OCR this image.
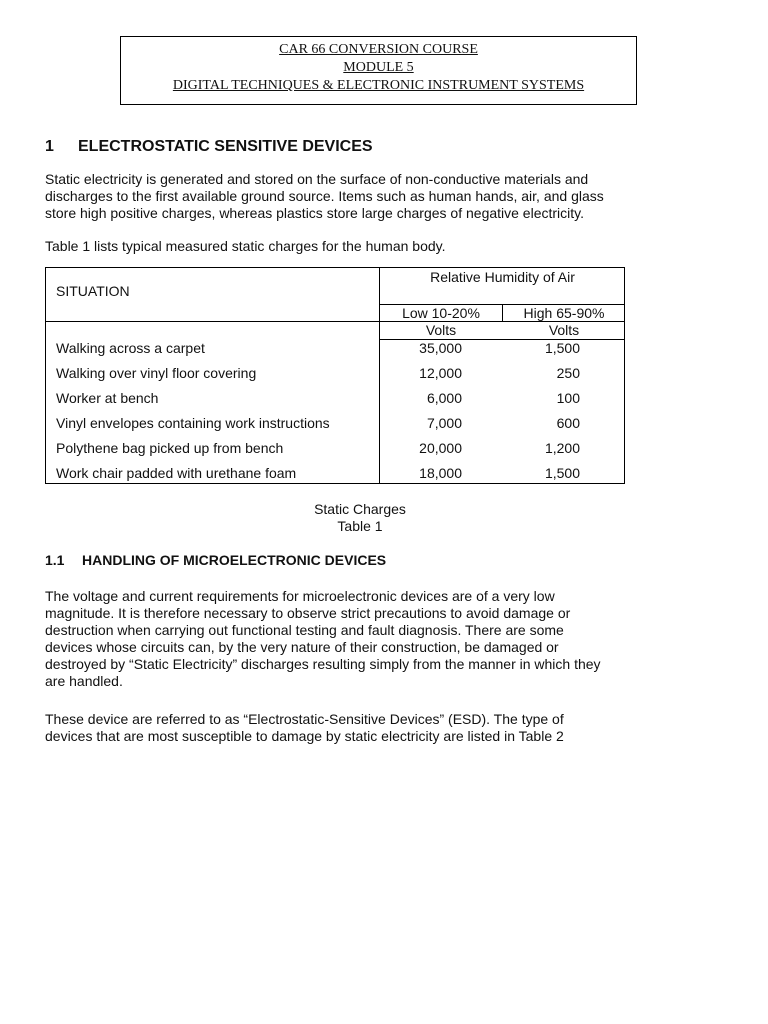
CAR 66 CONVERSION COURSE
MODULE 5
DIGITAL TECHNIQUES & ELECTRONIC INSTRUMENT SYSTEMS
1 ELECTROSTATIC SENSITIVE DEVICES
Static electricity is generated and stored on the surface of non-conductive materials and
discharges to the first available ground source. Items such as human hands, air, and glass
store high positive charges, whereas plastics store large charges of negative electricity.
Table 1 lists typical measured static charges for the human body.
SITUATION
Relative Humidity of Air
Low 10-20%	High 65-90%
Volts	Volts
Walking across a carpet	35,000	1,500
Walking over vinyl floor covering	12,000	250
Worker at bench	6,000	100
Vinyl envelopes containing work instructions	7,000	600
Polythene bag picked up from bench	20,000	1,200
Work chair padded with urethane foam	18,000	1,500
Static Charges
Table 1
1.1 HANDLING OF MICROELECTRONIC DEVICES
The voltage and current requirements for microelectronic devices are of a very low
magnitude. It is therefore necessary to observe strict precautions to avoid damage or
destruction when carrying out functional testing and fault diagnosis. There are some
devices whose circuits can, by the very nature of their construction, be damaged or
destroyed by “Static Electricity” discharges resulting simply from the manner in which they
are handled.
These device are referred to as “Electrostatic-Sensitive Devices” (ESD). The type of
devices that are most susceptible to damage by static electricity are listed in Table 2
